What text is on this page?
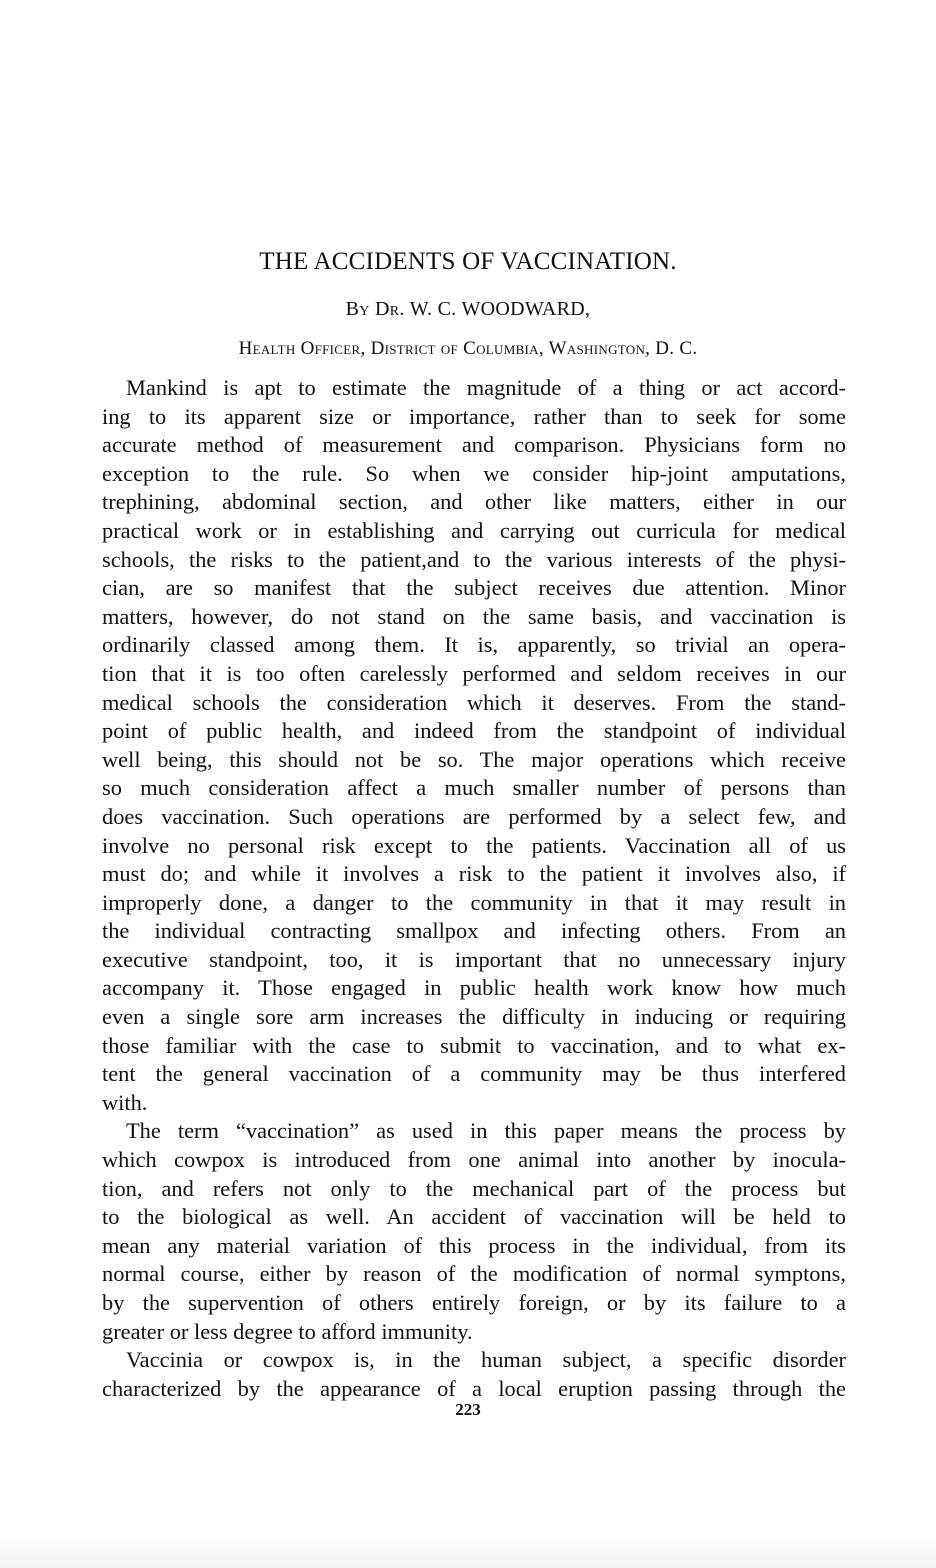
THE ACCIDENTS OF VACCINATION.
By Dr. W. C. WOODWARD,
Health Officer, District of Columbia, Washington, D. C.
Mankind is apt to estimate the magnitude of a thing or act accord-
ing to its apparent size or importance, rather than to seek for some
accurate method of measurement and comparison. Physicians form no
exception to the rule. So when we consider hip-joint amputations,
trephining, abdominal section, and other like matters, either in our
practical work or in establishing and carrying out curricula for medical
schools, the risks to the patient,and to the various interests of the physi-
cian, are so manifest that the subject receives due attention. Minor
matters, however, do not stand on the same basis, and vaccination is
ordinarily classed among them. It is, apparently, so trivial an opera-
tion that it is too often carelessly performed and seldom receives in our
medical schools the consideration which it deserves. From the stand-
point of public health, and indeed from the standpoint of individual
well being, this should not be so. The major operations which receive
so much consideration affect a much smaller number of persons than
does vaccination. Such operations are performed by a select few, and
involve no personal risk except to the patients. Vaccination all of us
must do; and while it involves a risk to the patient it involves also, if
improperly done, a danger to the community in that it may result in
the individual contracting smallpox and infecting others. From an
executive standpoint, too, it is important that no unnecessary injury
accompany it. Those engaged in public health work know how much
even a single sore arm increases the difficulty in inducing or requiring
those familiar with the case to submit to vaccination, and to what ex-
tent the general vaccination of a community may be thus interfered
with.
The term “vaccination” as used in this paper means the process by
which cowpox is introduced from one animal into another by inocula-
tion, and refers not only to the mechanical part of the process but
to the biological as well. An accident of vaccination will be held to
mean any material variation of this process in the individual, from its
normal course, either by reason of the modification of normal symptons,
by the supervention of others entirely foreign, or by its failure to a
greater or less degree to afford immunity.
Vaccinia or cowpox is, in the human subject, a specific disorder
characterized by the appearance of a local eruption passing through the
223
